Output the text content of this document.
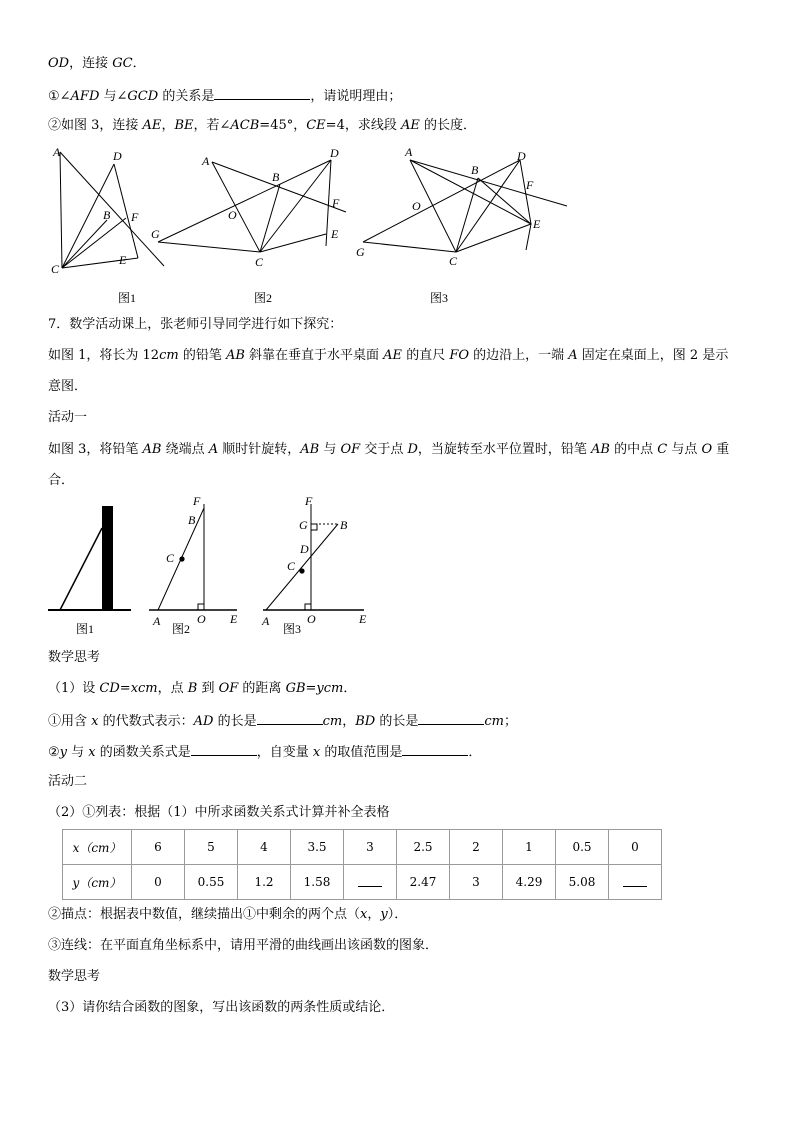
OD，连接 GC．
①∠AFD 与∠GCD 的关系是	，请说明理由；
②如图 3，连接 AE，BE，若∠ACB=45°，CE=4，求线段 AE 的长度．
A	D
B F
C
E
A
B
D
O
F
G	E
C
A
B
D
F
O
E
G
C
图1	图2	图3
7．数学活动课上，张老师引导同学进行如下探究：
如图 1，将长为 12cm 的铅笔 AB 斜靠在垂直于水平桌面 AE 的直尺 FO 的边沿上，一端 A 固定在桌面上，图 2 是示
意图．
活动一
如图 3，将铅笔 AB 绕端点 A 顺时针旋转，AB 与 OF 交于点 D，当旋转至水平位置时，铅笔 AB 的中点 C 与点 O 重
合．
F
B
C
A	O E
F
G	B
D
C
A	O	E
图1	图2	图3
数学思考
（1）设 CD=xcm，点 B 到 OF 的距离 GB=ycm．
①用含 x 的代数式表示：AD 的长是	cm，BD 的长是	cm；
②y 与 x 的函数关系式是	，自变量 x 的取值范围是	．
活动二
（2）①列表：根据（1）中所求函数关系式计算并补全表格
x（cm）	6	5	4	3.5	3	2.5	2	1	0.5	0
y（cm）	0	0.55	1.2	1.58		2.47	3	4.29	5.08	
②描点：根据表中数值，继续描出①中剩余的两个点（x，y）．
③连线：在平面直角坐标系中，请用平滑的曲线画出该函数的图象．
数学思考
（3）请你结合函数的图象，写出该函数的两条性质或结论．
